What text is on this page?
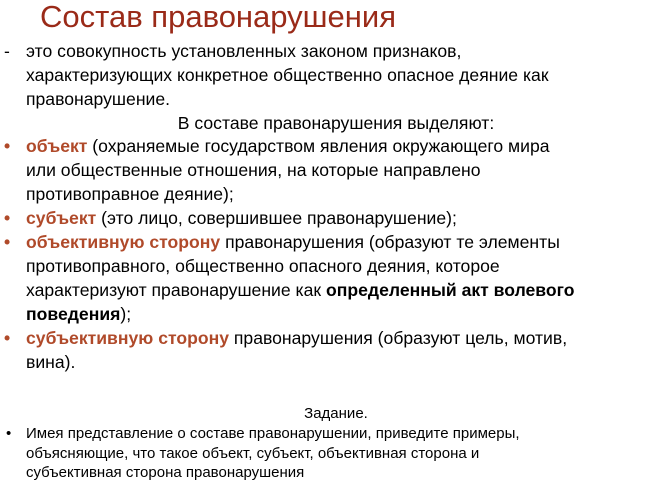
Состав правонарушения
- это совокупность установленных законом признаков,
характеризующих конкретное общественно опасное деяние как
правонарушение.
В составе правонарушения выделяют:
• объект (охраняемые государством явления окружающего мира
или общественные отношения, на которые направлено
противоправное деяние);
• субъект (это лицо, совершившее правонарушение);
• объективную сторону правонарушения (образуют те элементы
противоправного, общественно опасного деяния, которое
характеризуют правонарушение как определенный акт волевого
поведения);
• субъективную сторону правонарушения (образуют цель, мотив,
вина).
Задание.
• Имея представление о составе правонарушении, приведите примеры,
объясняющие, что такое объект, субъект, объективная сторона и
субъективная сторона правонарушения
